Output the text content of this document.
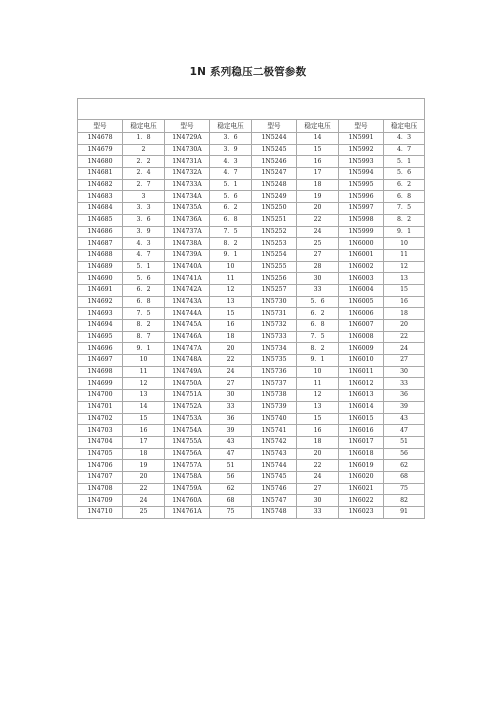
1N 系列稳压二极管参数

型号	稳定电压	型号	稳定电压	型号	稳定电压	型号	稳定电压
1N4678	1．8	1N4729A	3．6	1N5244	14	1N5991	4．3
1N4679	2	1N4730A	3．9	1N5245	15	1N5992	4．7
1N4680	2．2	1N4731A	4．3	1N5246	16	1N5993	5．1
1N4681	2．4	1N4732A	4．7	1N5247	17	1N5994	5．6
1N4682	2．7	1N4733A	5．1	1N5248	18	1N5995	6．2
1N4683	3	1N4734A	5．6	1N5249	19	1N5996	6．8
1N4684	3．3	1N4735A	6．2	1N5250	20	1N5997	7．5
1N4685	3．6	1N4736A	6．8	1N5251	22	1N5998	8．2
1N4686	3．9	1N4737A	7．5	1N5252	24	1N5999	9．1
1N4687	4．3	1N4738A	8．2	1N5253	25	1N6000	10
1N4688	4．7	1N4739A	9．1	1N5254	27	1N6001	11
1N4689	5．1	1N4740A	10	1N5255	28	1N6002	12
1N4690	5．6	1N4741A	11	1N5256	30	1N6003	13
1N4691	6．2	1N4742A	12	1N5257	33	1N6004	15
1N4692	6．8	1N4743A	13	1N5730	5．6	1N6005	16
1N4693	7．5	1N4744A	15	1N5731	6．2	1N6006	18
1N4694	8．2	1N4745A	16	1N5732	6．8	1N6007	20
1N4695	8．7	1N4746A	18	1N5733	7．5	1N6008	22
1N4696	9．1	1N4747A	20	1N5734	8．2	1N6009	24
1N4697	10	1N4748A	22	1N5735	9．1	1N6010	27
1N4698	11	1N4749A	24	1N5736	10	1N6011	30
1N4699	12	1N4750A	27	1N5737	11	1N6012	33
1N4700	13	1N4751A	30	1N5738	12	1N6013	36
1N4701	14	1N4752A	33	1N5739	13	1N6014	39
1N4702	15	1N4753A	36	1N5740	15	1N6015	43
1N4703	16	1N4754A	39	1N5741	16	1N6016	47
1N4704	17	1N4755A	43	1N5742	18	1N6017	51
1N4705	18	1N4756A	47	1N5743	20	1N6018	56
1N4706	19	1N4757A	51	1N5744	22	1N6019	62
1N4707	20	1N4758A	56	1N5745	24	1N6020	68
1N4708	22	1N4759A	62	1N5746	27	1N6021	75
1N4709	24	1N4760A	68	1N5747	30	1N6022	82
1N4710	25	1N4761A	75	1N5748	33	1N6023	91
